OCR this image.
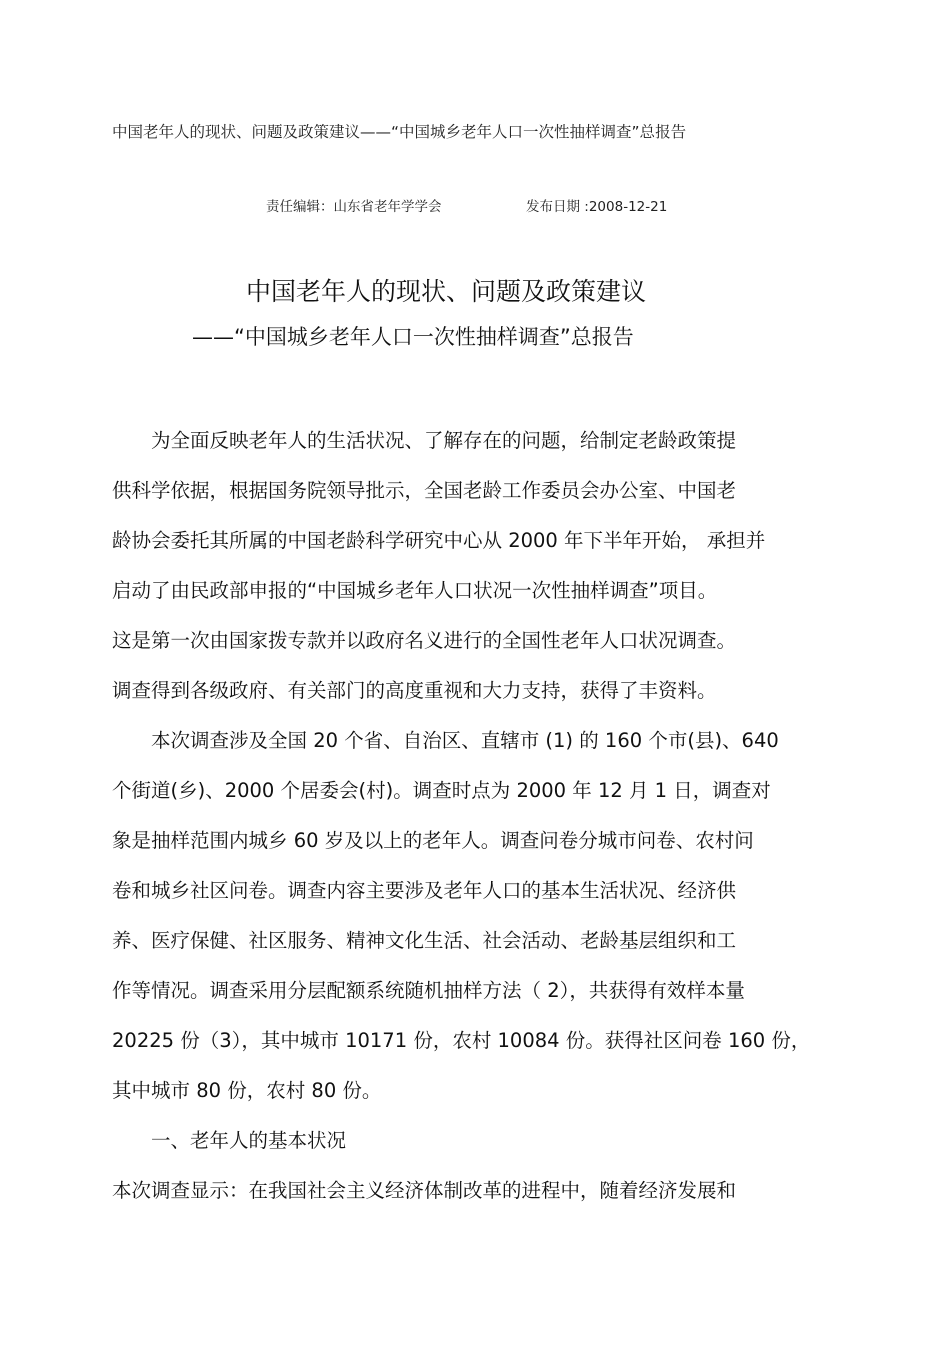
中国老年人的现状、问题及政策建议——“中国城乡老年人口一次性抽样调查”总报告
责任编辑：山东省老年学学会	发布日期 :2008-12-21
中国老年人的现状、问题及政策建议
——“中国城乡老年人口一次性抽样调查”总报告
　　为全面反映老年人的生活状况、了解存在的问题，给制定老龄政策提
供科学依据，根据国务院领导批示，全国老龄工作委员会办公室、中国老
龄协会委托其所属的中国老龄科学研究中心从 2000 年下半年开始， 承担并
启动了由民政部申报的“中国城乡老年人口状况一次性抽样调查”项目。
这是第一次由国家拨专款并以政府名义进行的全国性老年人口状况调查。
调查得到各级政府、有关部门的高度重视和大力支持，获得了丰资料。
　　本次调查涉及全国 20 个省、自治区、直辖市 (1) 的 160 个市(县)、640
个街道(乡)、2000 个居委会(村)。调查时点为 2000 年 12 月 1 日，调查对
象是抽样范围内城乡 60 岁及以上的老年人。调查问卷分城市问卷、农村问
卷和城乡社区问卷。调查内容主要涉及老年人口的基本生活状况、经济供
养、医疗保健、社区服务、精神文化生活、社会活动、老龄基层组织和工
作等情况。调查采用分层配额系统随机抽样方法（ 2），共获得有效样本量
20225 份（3），其中城市 10171 份，农村 10084 份。获得社区问卷 160 份，
其中城市 80 份，农村 80 份。
　　一、老年人的基本状况
本次调查显示：在我国社会主义经济体制改革的进程中，随着经济发展和
